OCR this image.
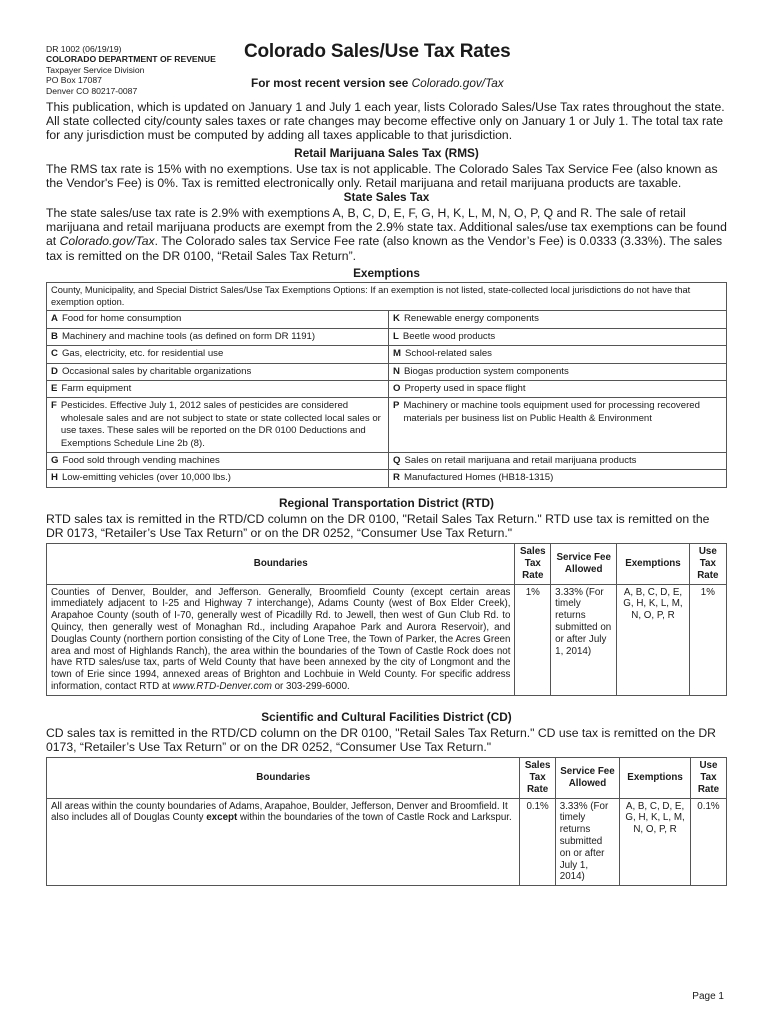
DR 1002 (06/19/19)
COLORADO DEPARTMENT OF REVENUE
Taxpayer Service Division
PO Box 17087
Denver CO 80217-0087
Colorado Sales/Use Tax Rates
For most recent version see Colorado.gov/Tax

This publication, which is updated on January 1 and July 1 each year, lists Colorado Sales/Use Tax rates throughout the state. All state collected city/county sales taxes or rate changes may become effective only on January 1 or July 1. The total tax rate for any jurisdiction must be computed by adding all taxes applicable to that jurisdiction.

Retail Marijuana Sales Tax (RMS)

The RMS tax rate is 15% with no exemptions. Use tax is not applicable. The Colorado Sales Tax Service Fee (also known as the Vendor's Fee) is 0%. Tax is remitted electronically only. Retail marijuana and retail marijuana products are taxable.

State Sales Tax

The state sales/use tax rate is 2.9% with exemptions A, B, C, D, E, F, G, H, K, L, M, N, O, P, Q and R. The sale of retail marijuana and retail marijuana products are exempt from the 2.9% state tax. Additional sales/use tax exemptions can be found at Colorado.gov/Tax. The Colorado sales tax Service Fee rate (also known as the Vendor’s Fee) is 0.0333 (3.33%). The sales tax is remitted on the DR 0100, “Retail Sales Tax Return”.

Exemptions
County, Municipality, and Special District Sales/Use Tax Exemptions Options: If an exemption is not listed, state-collected local jurisdictions do not have that exemption option.	

A Food for home consumption	K Renewable energy components

B Machinery and machine tools (as defined on form DR 1191)	L Beetle wood products

C Gas, electricity, etc. for residential use	M School-related sales

D Occasional sales by charitable organizations	N Biogas production system components

E Farm equipment	O Property used in space flight

F Pesticides. Effective July 1, 2012 sales of pesticides are considered wholesale sales and are not subject to state or state collected local sales or use taxes. These sales will be reported on the DR 0100 Deductions and Exemptions Schedule Line 2b (8).	P Machinery or machine tools equipment used for processing recovered materials per business list on Public Health & Environment

G Food sold through vending machines	Q Sales on retail marijuana and retail marijuana products

H Low-emitting vehicles (over 10,000 lbs.)	R Manufactured Homes (HB18-1315)
Regional Transportation District (RTD)

RTD sales tax is remitted in the RTD/CD column on the DR 0100, "Retail Sales Tax Return." RTD use tax is remitted on the DR 0173, “Retailer’s Use Tax Return” or on the DR 0252, “Consumer Use Tax Return."

Boundaries	Sales Tax Rate	Service Fee Allowed	Exemptions	Use Tax Rate
Counties of Denver, Boulder, and Jefferson. Generally, Broomfield County (except certain areas immediately adjacent to I-25 and Highway 7 interchange), Adams County (west of Box Elder Creek), Arapahoe County (south of I-70, generally west of Picadilly Rd. to Jewell, then west of Gun Club Rd. to Quincy, then generally west of Monaghan Rd., including Arapahoe Park and Aurora Reservoir), and Douglas County (northern portion consisting of the City of Lone Tree, the Town of Parker, the Acres Green area and most of Highlands Ranch), the area within the boundaries of the Town of Castle Rock does not have RTD sales/use tax, parts of Weld County that have been annexed by the city of Longmont and the town of Erie since 1994, annexed areas of Brighton and Lochbuie in Weld County. For specific address information, contact RTD at www.RTD-Denver.com or 303-299-6000.	1%	3.33% (For timely returns submitted on or after July 1, 2014)	A, B, C, D, E, G, H, K, L, M, N, O, P, R	1%
Scientific and Cultural Facilities District (CD)

CD sales tax is remitted in the RTD/CD column on the DR 0100, "Retail Sales Tax Return." CD use tax is remitted on the DR 0173, “Retailer’s Use Tax Return” or on the DR 0252, “Consumer Use Tax Return."

Boundaries	Sales Tax Rate	Service Fee Allowed	Exemptions	Use Tax Rate
All areas within the county boundaries of Adams, Arapahoe, Boulder, Jefferson, Denver and Broomfield. It also includes all of Douglas County except within the boundaries of the town of Castle Rock and Larkspur.	0.1%	3.33% (For timely returns submitted on or after July 1, 2014)	A, B, C, D, E, G, H, K, L, M, N, O, P, R	0.1%
Page 1
